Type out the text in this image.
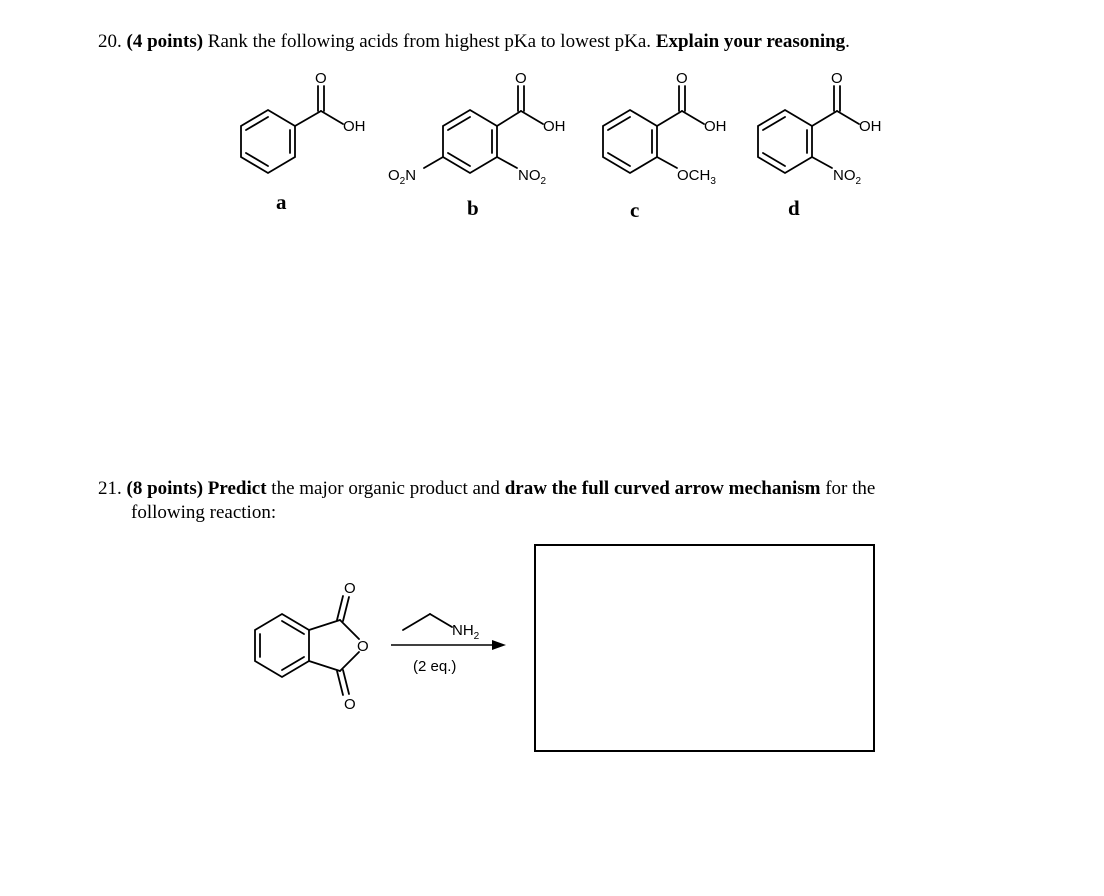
20. (4 points) Rank the following acids from highest pKa to lowest pKa. Explain your reasoning.
O
OH
O
OH
$O_2N$	$NO_2$
O
OH
$OCH_3$
O
OH
$NO_2$
O
O
O
$NH_2$
(2 eq.)
a	b	c	d
21. (8 points) Predict the major organic product and draw the full curved arrow mechanism for the
following reaction:
